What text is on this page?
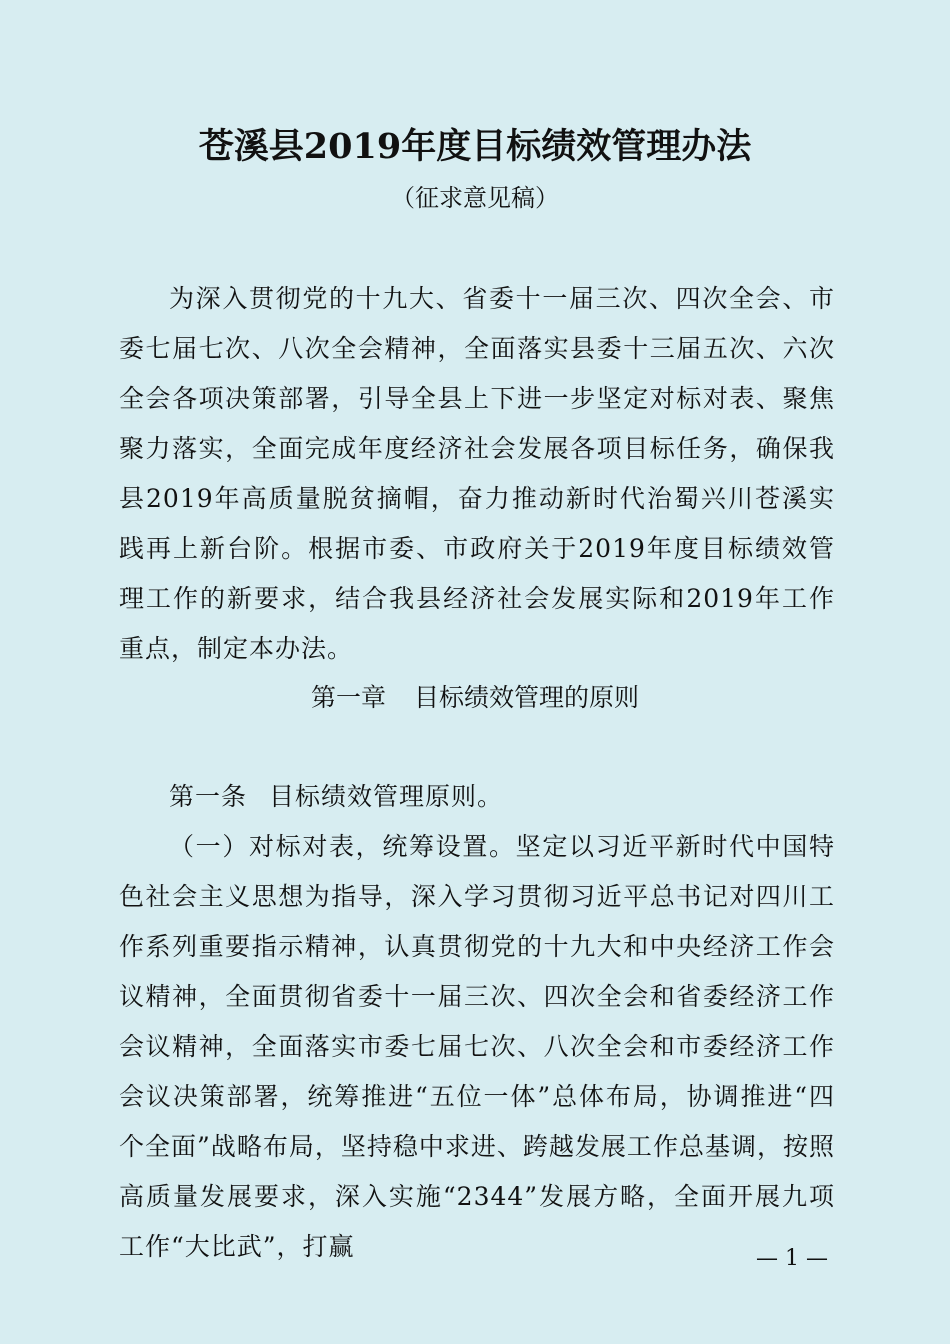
苍溪县2019年度目标绩效管理办法
（征求意见稿）

为深入贯彻党的十九大、省委十一届三次、四次全会、市委七届七次、八次全会精神，全面落实县委十三届五次、六次全会各项决策部署，引导全县上下进一步坚定对标对表、聚焦聚力落实，全面完成年度经济社会发展各项目标任务，确保我县2019年高质量脱贫摘帽，奋力推动新时代治蜀兴川苍溪实践再上新台阶。根据市委、市政府关于2019年度目标绩效管理工作的新要求，结合我县经济社会发展实际和2019年工作重点，制定本办法。

第一章 目标绩效管理的原则

第一条 目标绩效管理原则。

（一）对标对表，统筹设置。坚定以习近平新时代中国特色社会主义思想为指导，深入学习贯彻习近平总书记对四川工作系列重要指示精神，认真贯彻党的十九大和中央经济工作会议精神，全面贯彻省委十一届三次、四次全会和省委经济工作会议精神，全面落实市委七届七次、八次全会和市委经济工作会议决策部署，统筹推进“五位一体”总体布局，协调推进“四个全面”战略布局，坚持稳中求进、跨越发展工作总基调，按照高质量发展要求，深入实施“2344”发展方略，全面开展九项工作“大比武”，打赢	— 1 —
